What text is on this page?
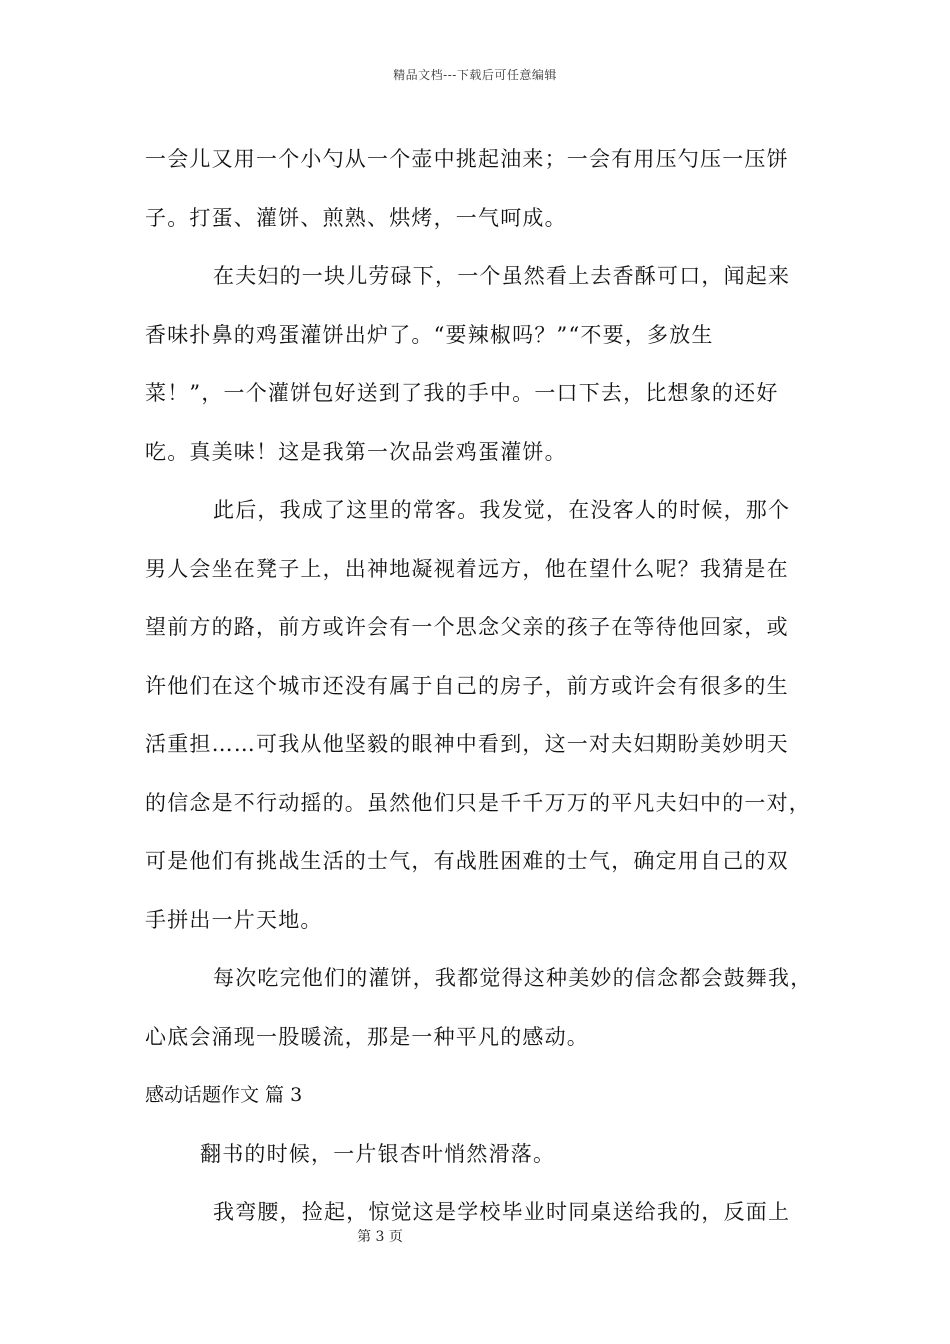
精品文档---下载后可任意编辑
一会儿又用一个小勺从一个壶中挑起油来；一会有用压勺压一压饼
子。打蛋、灌饼、煎熟、烘烤，一气呵成。
在夫妇的一块儿劳碌下，一个虽然看上去香酥可口，闻起来
香味扑鼻的鸡蛋灌饼出炉了。“要辣椒吗？”“不要，多放生
菜！”，一个灌饼包好送到了我的手中。一口下去，比想象的还好
吃。真美味！这是我第一次品尝鸡蛋灌饼。
此后，我成了这里的常客。我发觉，在没客人的时候，那个
男人会坐在凳子上，出神地凝视着远方，他在望什么呢？我猜是在
望前方的路，前方或许会有一个思念父亲的孩子在等待他回家，或
许他们在这个城市还没有属于自己的房子，前方或许会有很多的生
活重担……可我从他坚毅的眼神中看到，这一对夫妇期盼美妙明天
的信念是不行动摇的。虽然他们只是千千万万的平凡夫妇中的一对，
可是他们有挑战生活的士气，有战胜困难的士气，确定用自己的双
手拼出一片天地。
每次吃完他们的灌饼，我都觉得这种美妙的信念都会鼓舞我，
心底会涌现一股暖流，那是一种平凡的感动。
感动话题作文 篇 3
翻书的时候，一片银杏叶悄然滑落。
我弯腰，捡起，惊觉这是学校毕业时同桌送给我的，反面上
第 3 页
